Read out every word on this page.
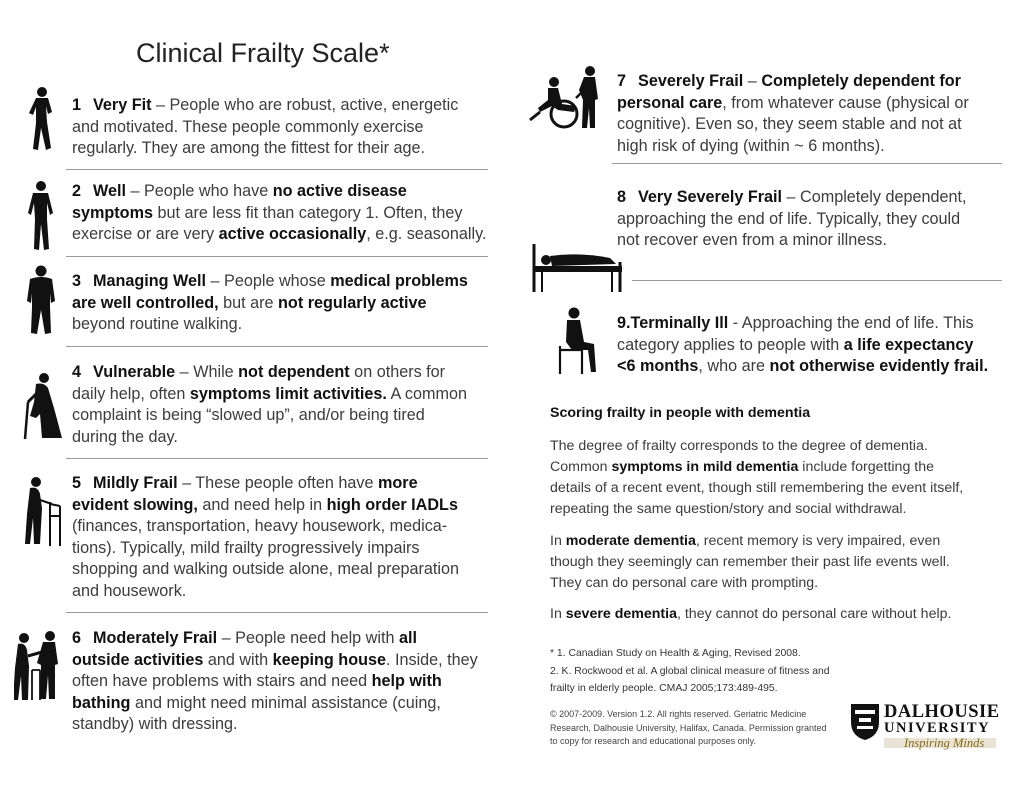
Clinical Frailty Scale*
1 Very Fit – People who are robust, active, energetic
and motivated. These people commonly exercise
regularly. They are among the fittest for their age.
2 Well – People who have no active disease
symptoms but are less fit than category 1. Often, they
exercise or are very active occasionally, e.g. seasonally.
3 Managing Well – People whose medical problems
are well controlled, but are not regularly active
beyond routine walking.
4 Vulnerable – While not dependent on others for
daily help, often symptoms limit activities. A common
complaint is being “slowed up”, and/or being tired
during the day.
5 Mildly Frail – These people often have more
evident slowing, and need help in high order IADLs
(finances, transportation, heavy housework, medica-
tions). Typically, mild frailty progressively impairs
shopping and walking outside alone, meal preparation
and housework.
6 Moderately Frail – People need help with all
outside activities and with keeping house. Inside, they
often have problems with stairs and need help with
bathing and might need minimal assistance (cuing,
standby) with dressing.
7 Severely Frail – Completely dependent for
personal care, from whatever cause (physical or
cognitive). Even so, they seem stable and not at
high risk of dying (within ~ 6 months).
8 Very Severely Frail – Completely dependent,
approaching the end of life. Typically, they could
not recover even from a minor illness.
9.Terminally Ill - Approaching the end of life. This
category applies to people with a life expectancy
<6 months, who are not otherwise evidently frail.
Scoring frailty in people with dementia
The degree of frailty corresponds to the degree of dementia.
Common symptoms in mild dementia include forgetting the
details of a recent event, though still remembering the event itself,
repeating the same question/story and social withdrawal.
In moderate dementia, recent memory is very impaired, even
though they seemingly can remember their past life events well.
They can do personal care with prompting.
In severe dementia, they cannot do personal care without help.
* 1. Canadian Study on Health & Aging, Revised 2008.
2. K. Rockwood et al. A global clinical measure of fitness and
frailty in elderly people. CMAJ 2005;173:489-495.
© 2007-2009. Version 1.2. All rights reserved. Geriatric Medicine
Research, Dalhousie University, Halifax, Canada. Permission granted
to copy for research and educational purposes only.
DALHOUSIE
UNIVERSITY
Inspiring Minds
